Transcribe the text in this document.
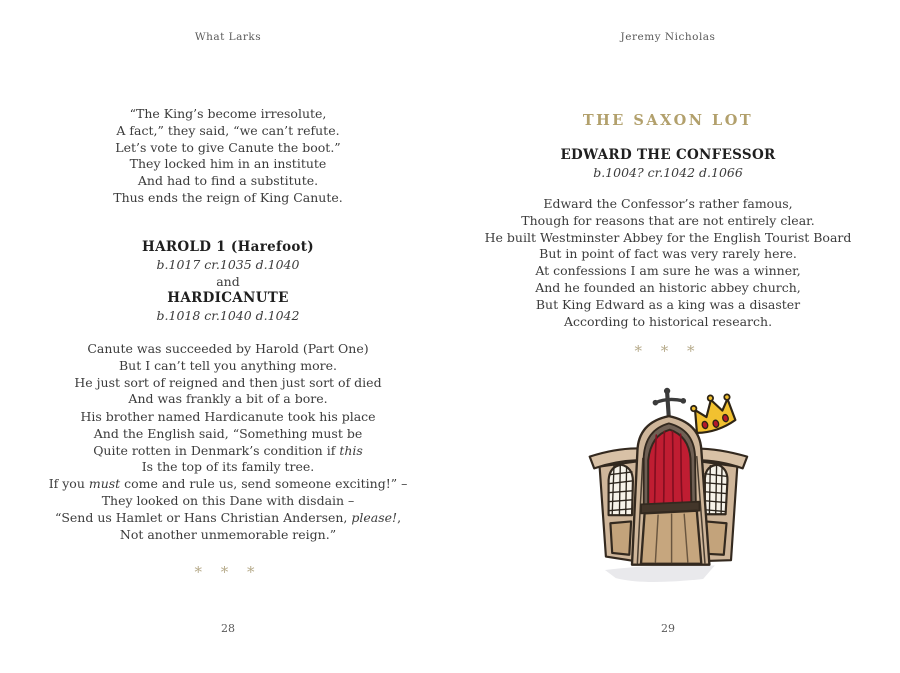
What Larks
“The King’s become irresolute,
A fact,” they said, “we can’t refute.
Let’s vote to give Canute the boot.”
They locked him in an institute
And had to find a substitute.
Thus ends the reign of King Canute.
HAROLD 1 (Harefoot)
b.1017 cr.1035 d.1040
and
HARDICANUTE
b.1018 cr.1040 d.1042
Canute was succeeded by Harold (Part One)
But I can’t tell you anything more.
He just sort of reigned and then just sort of died
And was frankly a bit of a bore.
His brother named Hardicanute took his place
And the English said, “Something must be
Quite rotten in Denmark’s condition if this
Is the top of its family tree.
If you must come and rule us, send someone exciting!” –
They looked on this Dane with disdain –
“Send us Hamlet or Hans Christian Andersen, please!,
Not another unmemorable reign.”
* * *
28
Jeremy Nicholas
THE SAXON LOT
EDWARD THE CONFESSOR
b.1004? cr.1042 d.1066
Edward the Confessor’s rather famous,
Though for reasons that are not entirely clear.
He built Westminster Abbey for the English Tourist Board
But in point of fact was very rarely here.
At confessions I am sure he was a winner,
And he founded an historic abbey church,
But King Edward as a king was a disaster
According to historical research.
* * *
29
